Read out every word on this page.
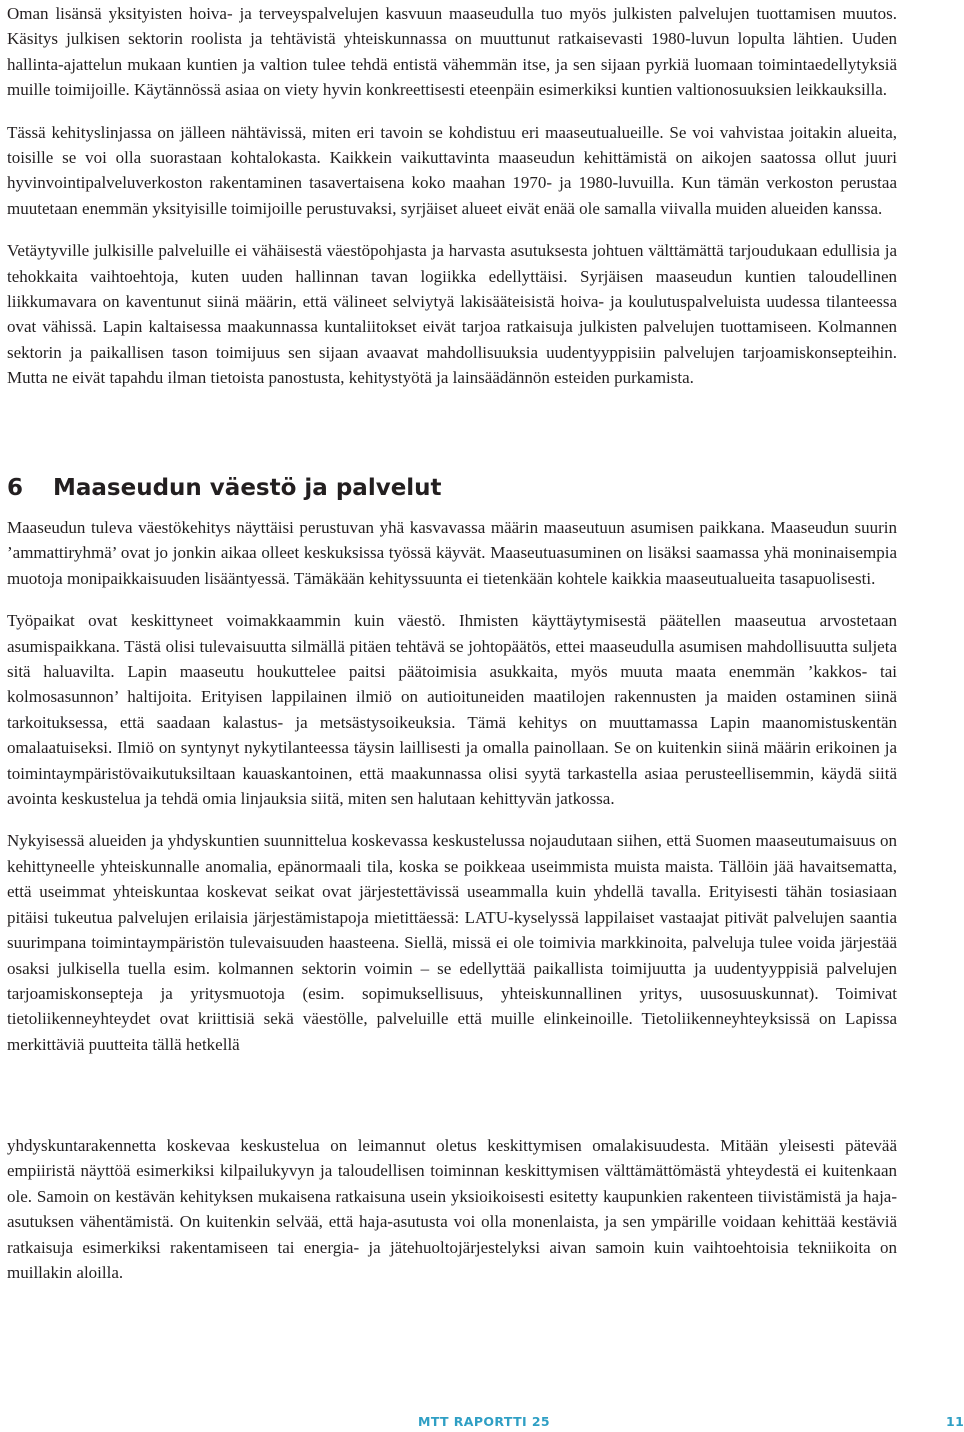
Oman lisänsä yksityisten hoiva- ja terveyspalvelujen kasvuun maaseudulla tuo myös julkisten palvelujen tuottamisen muutos. Käsitys julkisen sektorin roolista ja tehtävistä yhteiskunnassa on muuttunut ratkaisevasti 1980-luvun lopulta lähtien. Uuden hallinta-ajattelun mukaan kuntien ja valtion tulee tehdä entistä vähemmän itse, ja sen sijaan pyrkiä luomaan toimintaedellytyksiä muille toimijoille. Käytännössä asiaa on viety hyvin konkreettisesti eteenpäin esimerkiksi kuntien valtionosuuksien leikkauksilla.

Tässä kehityslinjassa on jälleen nähtävissä, miten eri tavoin se kohdistuu eri maaseutualueille. Se voi vahvistaa joitakin alueita, toisille se voi olla suorastaan kohtalokasta. Kaikkein vaikuttavinta maaseudun kehittämistä on aikojen saatossa ollut juuri hyvinvointipalveluverkoston rakentaminen tasavertaisena koko maahan 1970- ja 1980-luvuilla. Kun tämän verkoston perustaa muutetaan enemmän yksityisille toimijoille perustuvaksi, syrjäiset alueet eivät enää ole samalla viivalla muiden alueiden kanssa.

Vetäytyville julkisille palveluille ei vähäisestä väestöpohjasta ja harvasta asutuksesta johtuen välttämättä tarjoudukaan edullisia ja tehokkaita vaihtoehtoja, kuten uuden hallinnan tavan logiikka edellyttäisi. Syrjäisen maaseudun kuntien taloudellinen liikkumavara on kaventunut siinä määrin, että välineet selviytyä lakisääteisistä hoiva- ja koulutuspalveluista uudessa tilanteessa ovat vähissä. Lapin kaltaisessa maakunnassa kuntaliitokset eivät tarjoa ratkaisuja julkisten palvelujen tuottamiseen. Kolmannen sektorin ja paikallisen tason toimijuus sen sijaan avaavat mahdollisuuksia uudentyyppisiin palvelujen tarjoamiskonsepteihin. Mutta ne eivät tapahdu ilman tietoista panostusta, kehitystyötä ja lainsäädännön esteiden purkamista.

6 Maaseudun väestö ja palvelut

Maaseudun tuleva väestökehitys näyttäisi perustuvan yhä kasvavassa määrin maaseutuun asumisen paikkana. Maaseudun suurin ’ammattiryhmä’ ovat jo jonkin aikaa olleet keskuksissa työssä käyvät. Maaseutuasuminen on lisäksi saamassa yhä moninaisempia muotoja monipaikkaisuuden lisääntyessä. Tämäkään kehityssuunta ei tietenkään kohtele kaikkia maaseutualueita tasapuolisesti.

Työpaikat ovat keskittyneet voimakkaammin kuin väestö. Ihmisten käyttäytymisestä päätellen maaseutua arvostetaan asumispaikkana. Tästä olisi tulevaisuutta silmällä pitäen tehtävä se johtopäätös, ettei maaseudulla asumisen mahdollisuutta suljeta sitä haluavilta. Lapin maaseutu houkuttelee paitsi päätoimisia asukkaita, myös muuta maata enemmän ’kakkos- tai kolmosasunnon’ haltijoita. Erityisen lappilainen ilmiö on autioituneiden maatilojen rakennusten ja maiden ostaminen siinä tarkoituksessa, että saadaan kalastus- ja metsästysoikeuksia. Tämä kehitys on muuttamassa Lapin maanomistuskentän omalaatuiseksi. Ilmiö on syntynyt nykytilanteessa täysin laillisesti ja omalla painollaan. Se on kuitenkin siinä määrin erikoinen ja toimintaympäristövaikutuksiltaan kauaskantoinen, että maakunnassa olisi syytä tarkastella asiaa perusteellisemmin, käydä siitä avointa keskustelua ja tehdä omia linjauksia siitä, miten sen halutaan kehittyvän jatkossa.

Nykyisessä alueiden ja yhdyskuntien suunnittelua koskevassa keskustelussa nojaudutaan siihen, että Suomen maaseutumaisuus on kehittyneelle yhteiskunnalle anomalia, epänormaali tila, koska se poikkeaa useimmista muista maista. Tällöin jää havaitsematta, että useimmat yhteiskuntaa koskevat seikat ovat järjestettävissä useammalla kuin yhdellä tavalla. Erityisesti tähän tosiasiaan pitäisi tukeutua palvelujen erilaisia järjestämistapoja mietittäessä: LATU-kyselyssä lappilaiset vastaajat pitivät palvelujen saantia suurimpana toimintaympäristön tulevaisuuden haasteena. Siellä, missä ei ole toimivia markkinoita, palveluja tulee voida järjestää osaksi julkisella tuella esim. kolmannen sektorin voimin – se edellyttää paikallista toimijuutta ja uudentyyppisiä palvelujen tarjoamiskonsepteja ja yritysmuotoja (esim. sopimuksellisuus, yhteiskunnallinen yritys, uusosuuskunnat). Toimivat tietoliikenneyhteydet ovat kriittisiä sekä väestölle, palveluille että muille elinkeinoille. Tietoliikenneyhteyksissä on Lapissa merkittäviä puutteita tällä hetkellä

yhdyskuntarakennetta koskevaa keskustelua on leimannut oletus keskittymisen omalakisuudesta. Mitään yleisesti pätevää empiiristä näyttöä esimerkiksi kilpailukyvyn ja taloudellisen toiminnan keskittymisen välttämättömästä yhteydestä ei kuitenkaan ole. Samoin on kestävän kehityksen mukaisena ratkaisuna usein yksioikoisesti esitetty kaupunkien rakenteen tiivistämistä ja haja-asutuksen vähentämistä. On kuitenkin selvää, että haja-asutusta voi olla monenlaista, ja sen ympärille voidaan kehittää kestäviä ratkaisuja esimerkiksi rakentamiseen tai energia- ja jätehuoltojärjestelyksi aivan samoin kuin vaihtoehtoisia tekniikoita on muillakin aloilla.

MTT RAPORTTI 25	11
